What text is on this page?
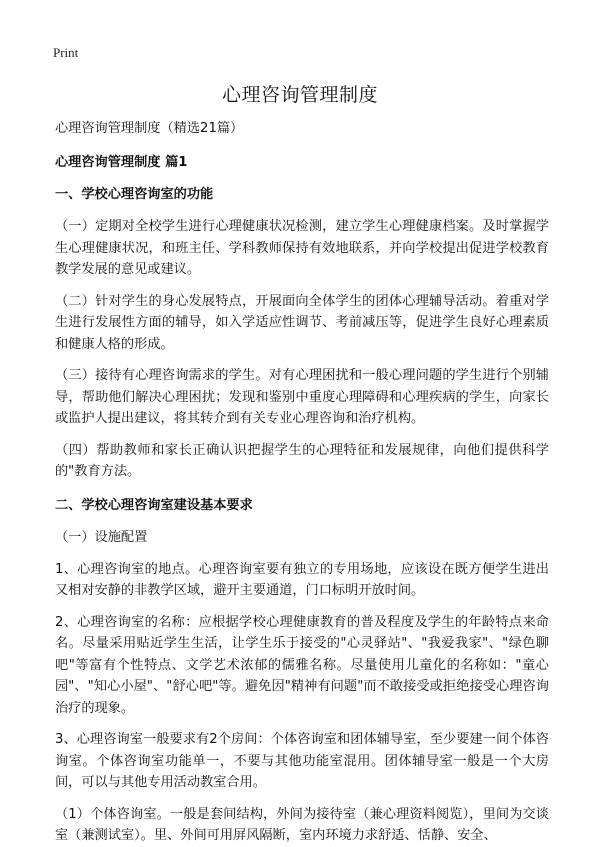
Print
心理咨询管理制度

心理咨询管理制度（精选21篇）

心理咨询管理制度 篇1

一、学校心理咨询室的功能

（一）定期对全校学生进行心理健康状况检测，建立学生心理健康档案。及时掌握学生心理健康状况，和班主任、学科教师保持有效地联系，并向学校提出促进学校教育教学发展的意见或建议。

（二）针对学生的身心发展特点，开展面向全体学生的团体心理辅导活动。着重对学生进行发展性方面的辅导，如入学适应性调节、考前减压等，促进学生良好心理素质和健康人格的形成。

（三）接待有心理咨询需求的学生。对有心理困扰和一般心理问题的学生进行个别辅导，帮助他们解决心理困扰；发现和鉴别中重度心理障碍和心理疾病的学生，向家长或监护人提出建议，将其转介到有关专业心理咨询和治疗机构。

（四）帮助教师和家长正确认识把握学生的心理特征和发展规律，向他们提供科学的"教育方法。

二、学校心理咨询室建设基本要求

（一）设施配置

1、心理咨询室的地点。心理咨询室要有独立的专用场地，应该设在既方便学生进出又相对安静的非教学区域，避开主要通道，门口标明开放时间。

2、心理咨询室的名称：应根据学校心理健康教育的普及程度及学生的年龄特点来命名。尽量采用贴近学生生活，让学生乐于接受的"心灵驿站"、"我爱我家"、"绿色聊吧"等富有个性特点、文学艺术浓郁的儒雅名称。尽量使用儿童化的名称如："童心园"、"知心小屋"、"舒心吧"等。避免因"精神有问题"而不敢接受或拒绝接受心理咨询治疗的现象。

3、心理咨询室一般要求有2个房间：个体咨询室和团体辅导室，至少要建一间个体咨询室。个体咨询室功能单一，不要与其他功能室混用。团体辅导室一般是一个大房间，可以与其他专用活动教室合用。

（1）个体咨询室。一般是套间结构，外间为接待室（兼心理资料阅览），里间为交谈室（兼测试室）。里、外间可用屏风隔断，室内环境力求舒适、恬静、安全、
